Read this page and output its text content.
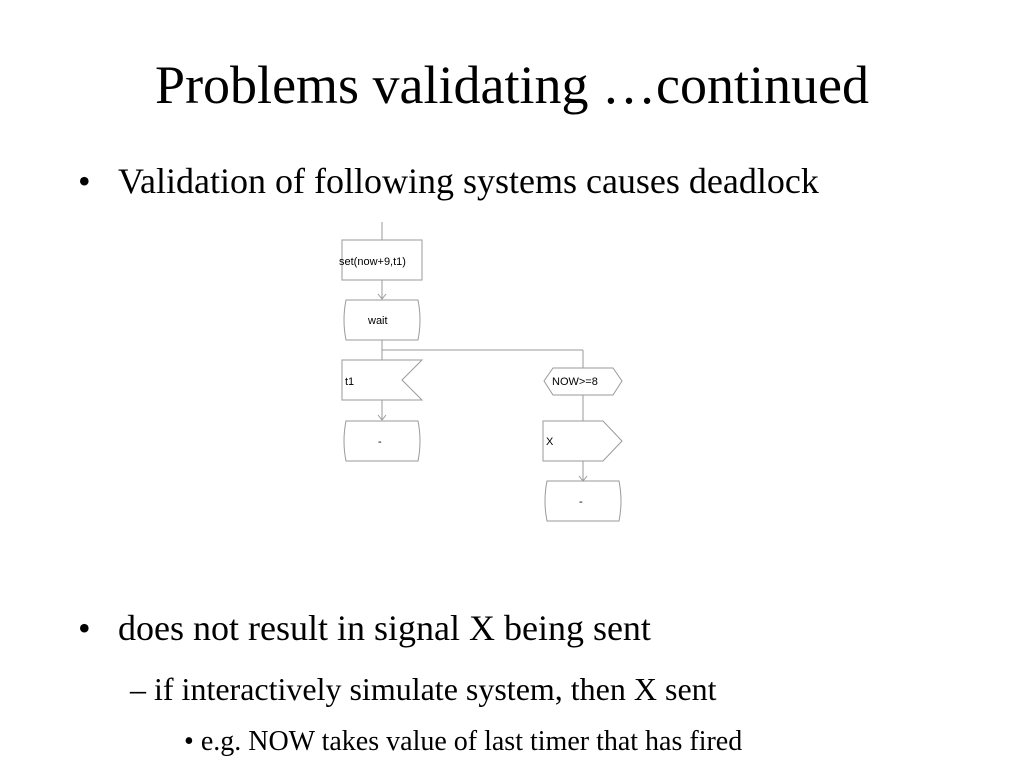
Problems validating …continued
• Validation of following systems causes deadlock
set(now+9,t1)
wait
t1	NOW>=8
-	X
-
• does not result in signal X being sent
– if interactively simulate system, then X sent
• e.g. NOW takes value of last timer that has fired
